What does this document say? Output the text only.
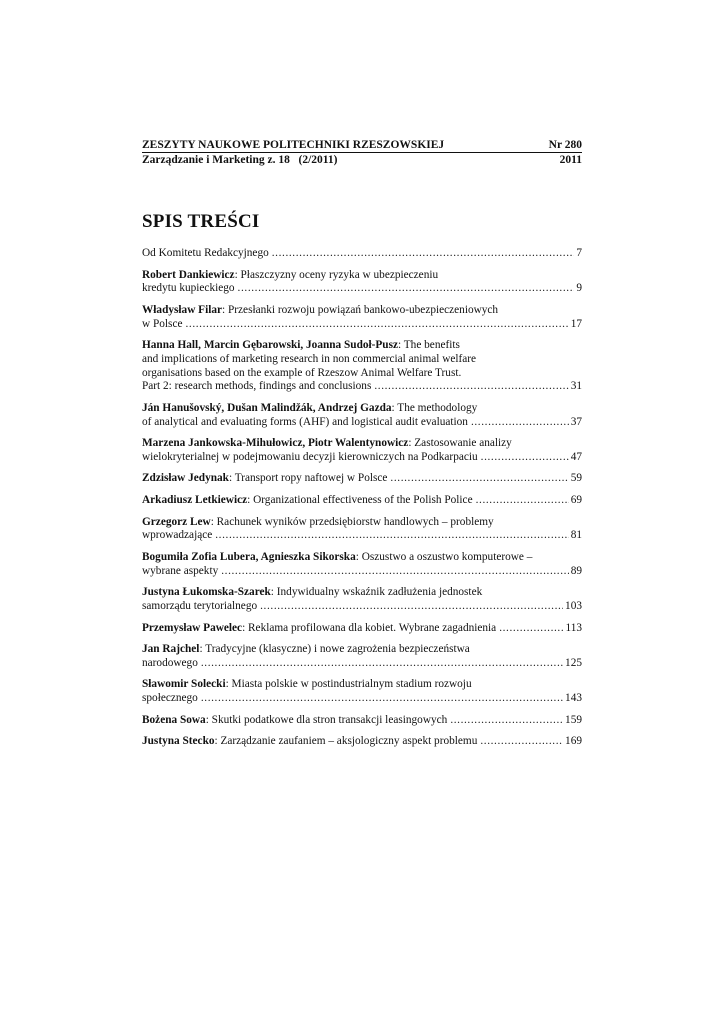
ZESZYTY NAUKOWE POLITECHNIKI RZESZOWSKIEJ	Nr 280
Zarządzanie i Marketing z. 18   (2/2011)	2011
SPIS TREŚCI
Od Komitetu Redakcyjnego .....	7
Robert Dankiewicz: Płaszczyzny oceny ryzyka w ubezpieczeniu
kredytu kupieckiego .....	9
Władysław Filar: Przesłanki rozwoju powiązań bankowo-ubezpieczeniowych
w Polsce .....	17
Hanna Hall, Marcin Gębarowski, Joanna Sudoł-Pusz: The benefits
and implications of marketing research in non commercial animal welfare
organisations based on the example of Rzeszow Animal Welfare Trust.
Part 2: research methods, findings and conclusions .....	31
Ján Hanušovský, Dušan Malindžák, Andrzej Gazda: The methodology
of analytical and evaluating forms (AHF) and logistical audit evaluation .....	37
Marzena Jankowska-Mihułowicz, Piotr Walentynowicz: Zastosowanie analizy
wielokryterialnej w podejmowaniu decyzji kierowniczych na Podkarpaciu .....	47
Zdzisław Jedynak: Transport ropy naftowej w Polsce .....	59
Arkadiusz Letkiewicz: Organizational effectiveness of the Polish Police .....	69
Grzegorz Lew: Rachunek wyników przedsiębiorstw handlowych – problemy
wprowadzające .....	81
Bogumiła Zofia Lubera, Agnieszka Sikorska: Oszustwo a oszustwo komputerowe –
wybrane aspekty .....	89
Justyna Łukomska-Szarek: Indywidualny wskaźnik zadłużenia jednostek
samorządu terytorialnego .....	103
Przemysław Pawelec: Reklama profilowana dla kobiet. Wybrane zagadnienia .....	113
Jan Rajchel: Tradycyjne (klasyczne) i nowe zagrożenia bezpieczeństwa
narodowego .....	125
Sławomir Solecki: Miasta polskie w postindustrialnym stadium rozwoju
społecznego .....	143
Bożena Sowa: Skutki podatkowe dla stron transakcji leasingowych .....	159
Justyna Stecko: Zarządzanie zaufaniem – aksjologiczny aspekt problemu .....	169
